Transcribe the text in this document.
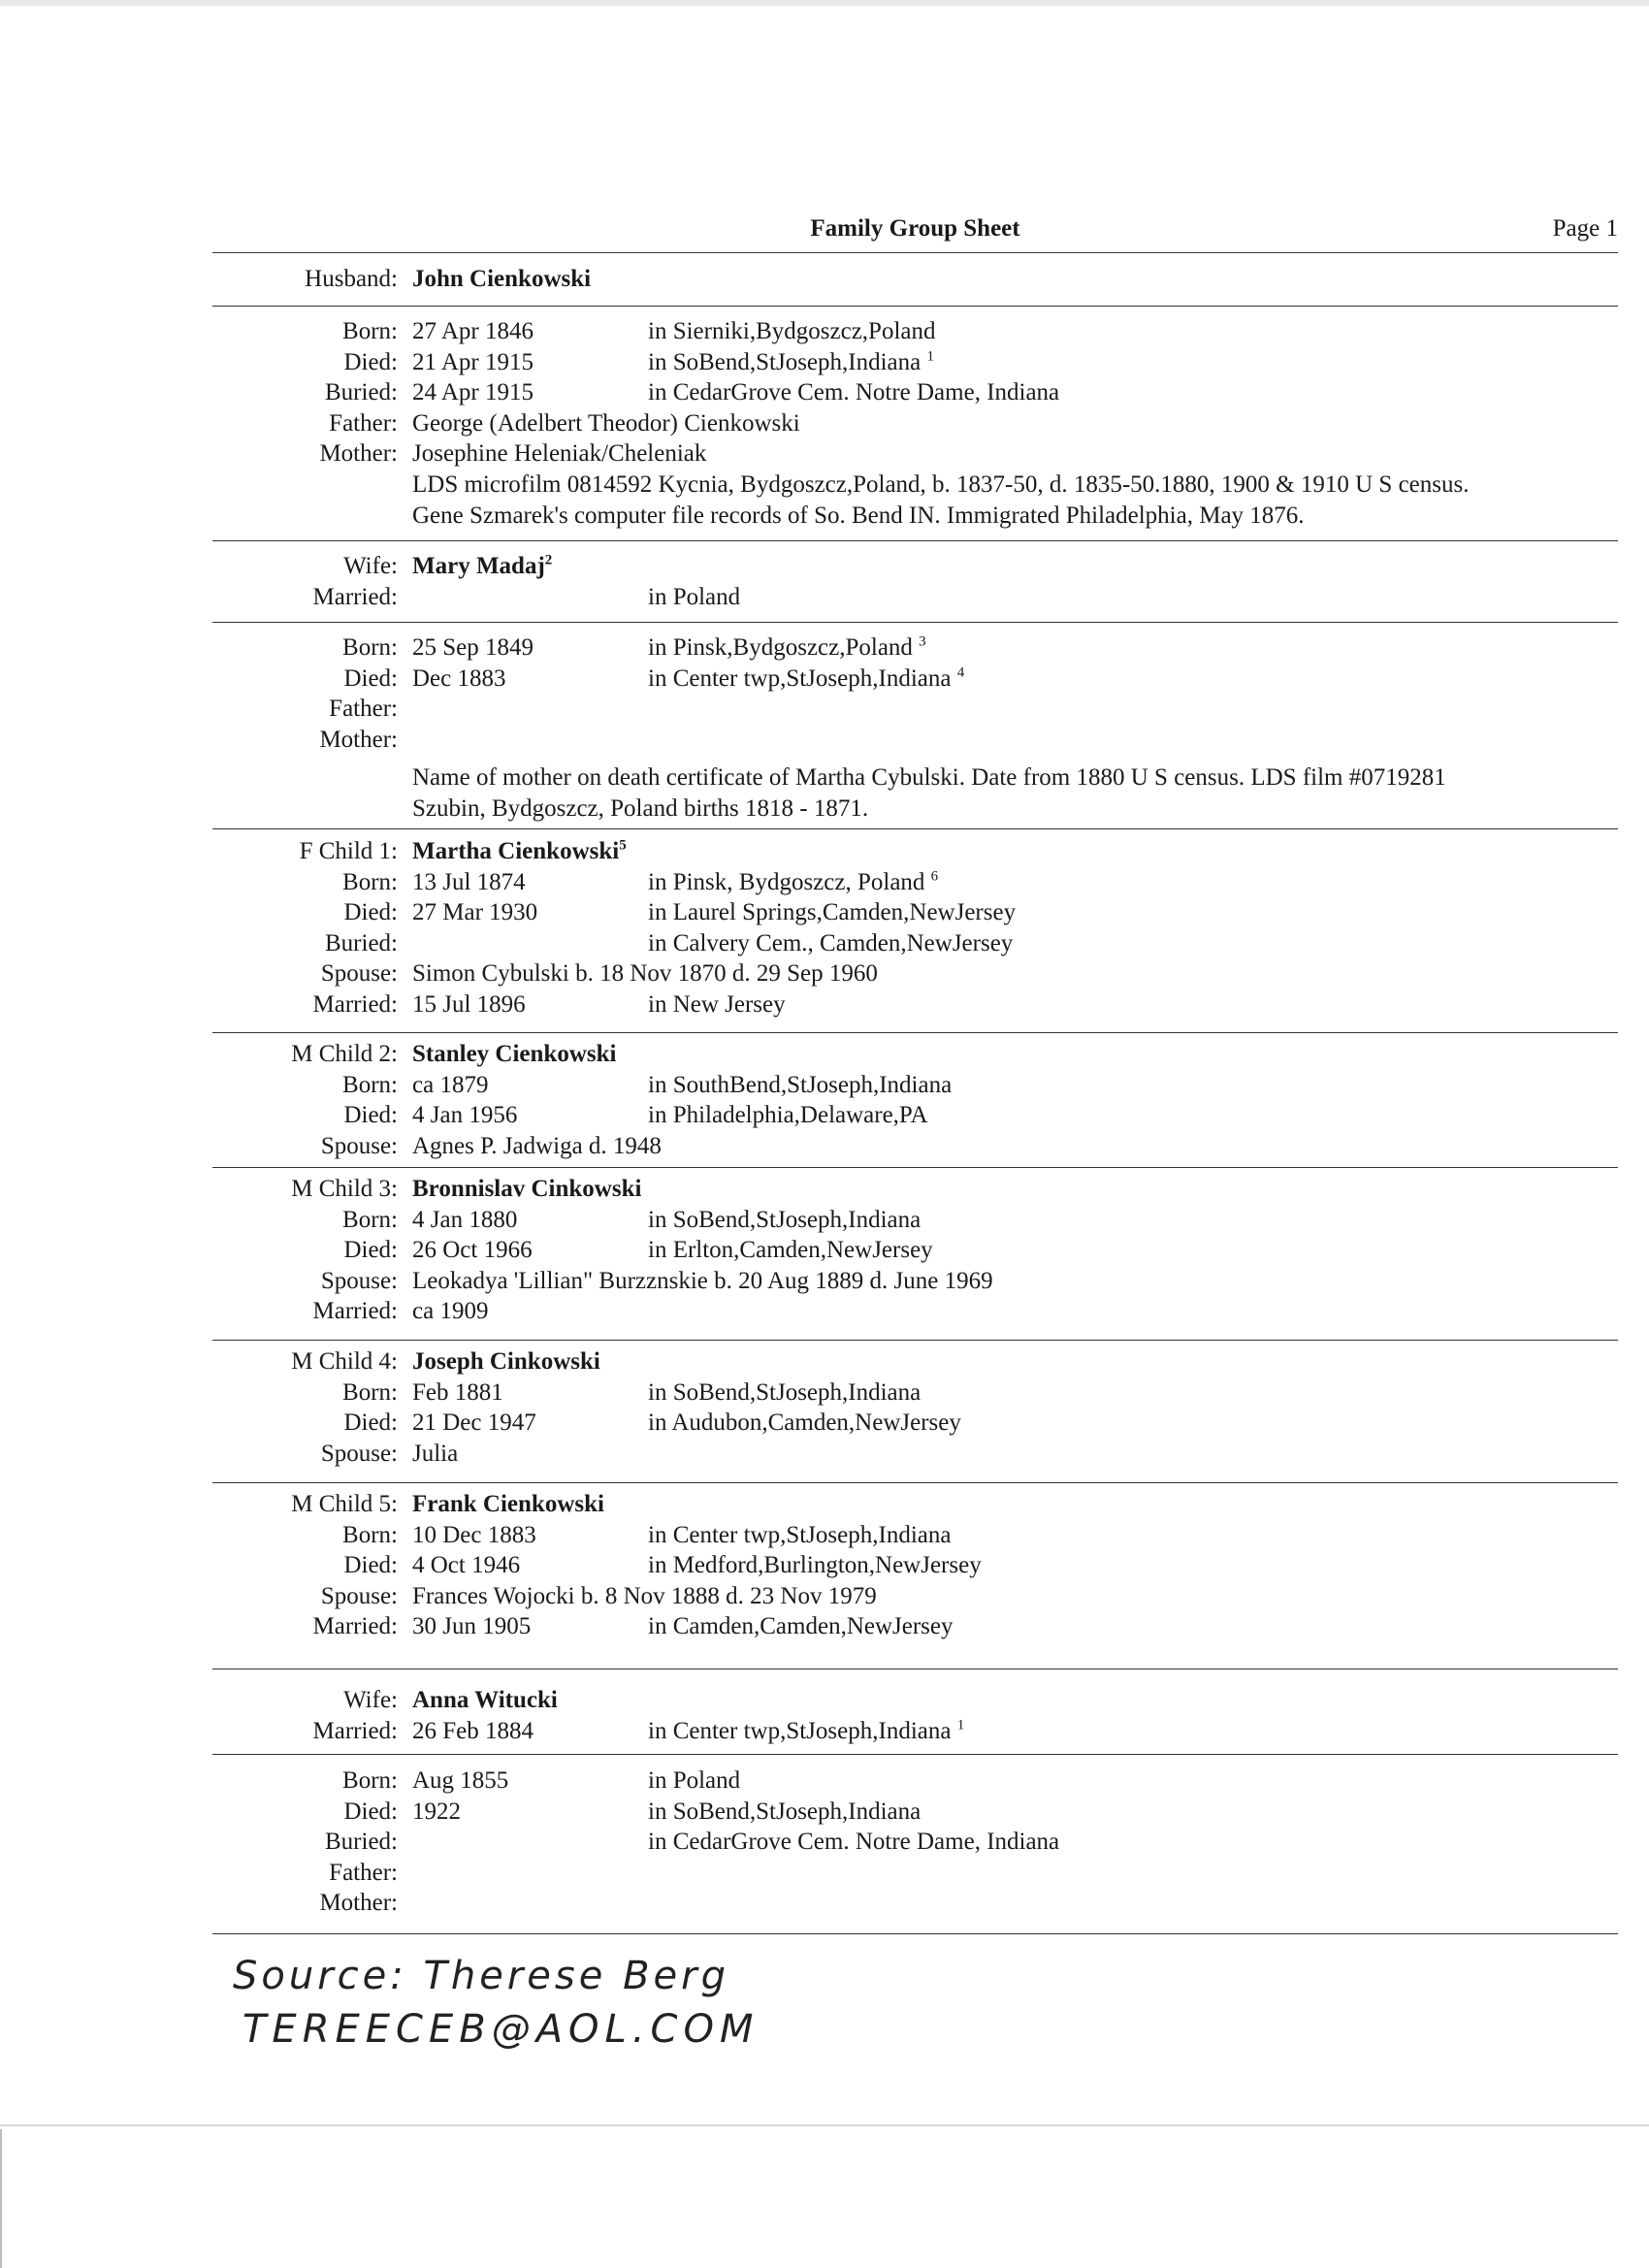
Family Group Sheet	Page 1
Husband: John Cienkowski
Born: 27 Apr 1846	in Sierniki,Bydgoszcz,Poland
Died: 21 Apr 1915	in SoBend,StJoseph,Indiana $^1$
Buried: 24 Apr 1915	in CedarGrove Cem. Notre Dame, Indiana
Father: George (Adelbert Theodor) Cienkowski
Mother: Josephine Heleniak/Cheleniak
LDS microfilm 0814592 Kycnia, Bydgoszcz,Poland, b. 1837-50, d. 1835-50.1880, 1900 & 1910 U S census.
Gene Szmarek's computer file records of So. Bend IN. Immigrated Philadelphia, May 1876.
Wife: Mary Madaj$^2$
Married:	in Poland
Born: 25 Sep 1849	in Pinsk,Bydgoszcz,Poland $^3$
Died: Dec 1883	in Center twp,StJoseph,Indiana $^4$
Father:
Mother:
Name of mother on death certificate of Martha Cybulski. Date from 1880 U S census. LDS film #0719281
Szubin, Bydgoszcz, Poland births 1818 - 1871.
F Child 1: Martha Cienkowski$^5$
Born: 13 Jul 1874	in Pinsk, Bydgoszcz, Poland $^6$
Died: 27 Mar 1930	in Laurel Springs,Camden,NewJersey
Buried:	in Calvery Cem., Camden,NewJersey
Spouse: Simon Cybulski b. 18 Nov 1870 d. 29 Sep 1960
Married: 15 Jul 1896	in New Jersey
M Child 2: Stanley Cienkowski
Born: ca 1879	in SouthBend,StJoseph,Indiana
Died: 4 Jan 1956	in Philadelphia,Delaware,PA
Spouse: Agnes P. Jadwiga d. 1948
M Child 3: Bronnislav Cinkowski
Born: 4 Jan 1880	in SoBend,StJoseph,Indiana
Died: 26 Oct 1966	in Erlton,Camden,NewJersey
Spouse: Leokadya 'Lillian" Burzznskie b. 20 Aug 1889 d. June 1969
Married: ca 1909
M Child 4: Joseph Cinkowski
Born: Feb 1881	in SoBend,StJoseph,Indiana
Died: 21 Dec 1947	in Audubon,Camden,NewJersey
Spouse: Julia
M Child 5: Frank Cienkowski
Born: 10 Dec 1883	in Center twp,StJoseph,Indiana
Died: 4 Oct 1946	in Medford,Burlington,NewJersey
Spouse: Frances Wojocki b. 8 Nov 1888 d. 23 Nov 1979
Married: 30 Jun 1905	in Camden,Camden,NewJersey
Wife: Anna Witucki
Married: 26 Feb 1884	in Center twp,StJoseph,Indiana $^1$
Born: Aug 1855	in Poland
Died: 1922	in SoBend,StJoseph,Indiana
Buried:	in CedarGrove Cem. Notre Dame, Indiana
Father:
Mother:
Source: Therese Berg
TEREECEB@AOL.COM
